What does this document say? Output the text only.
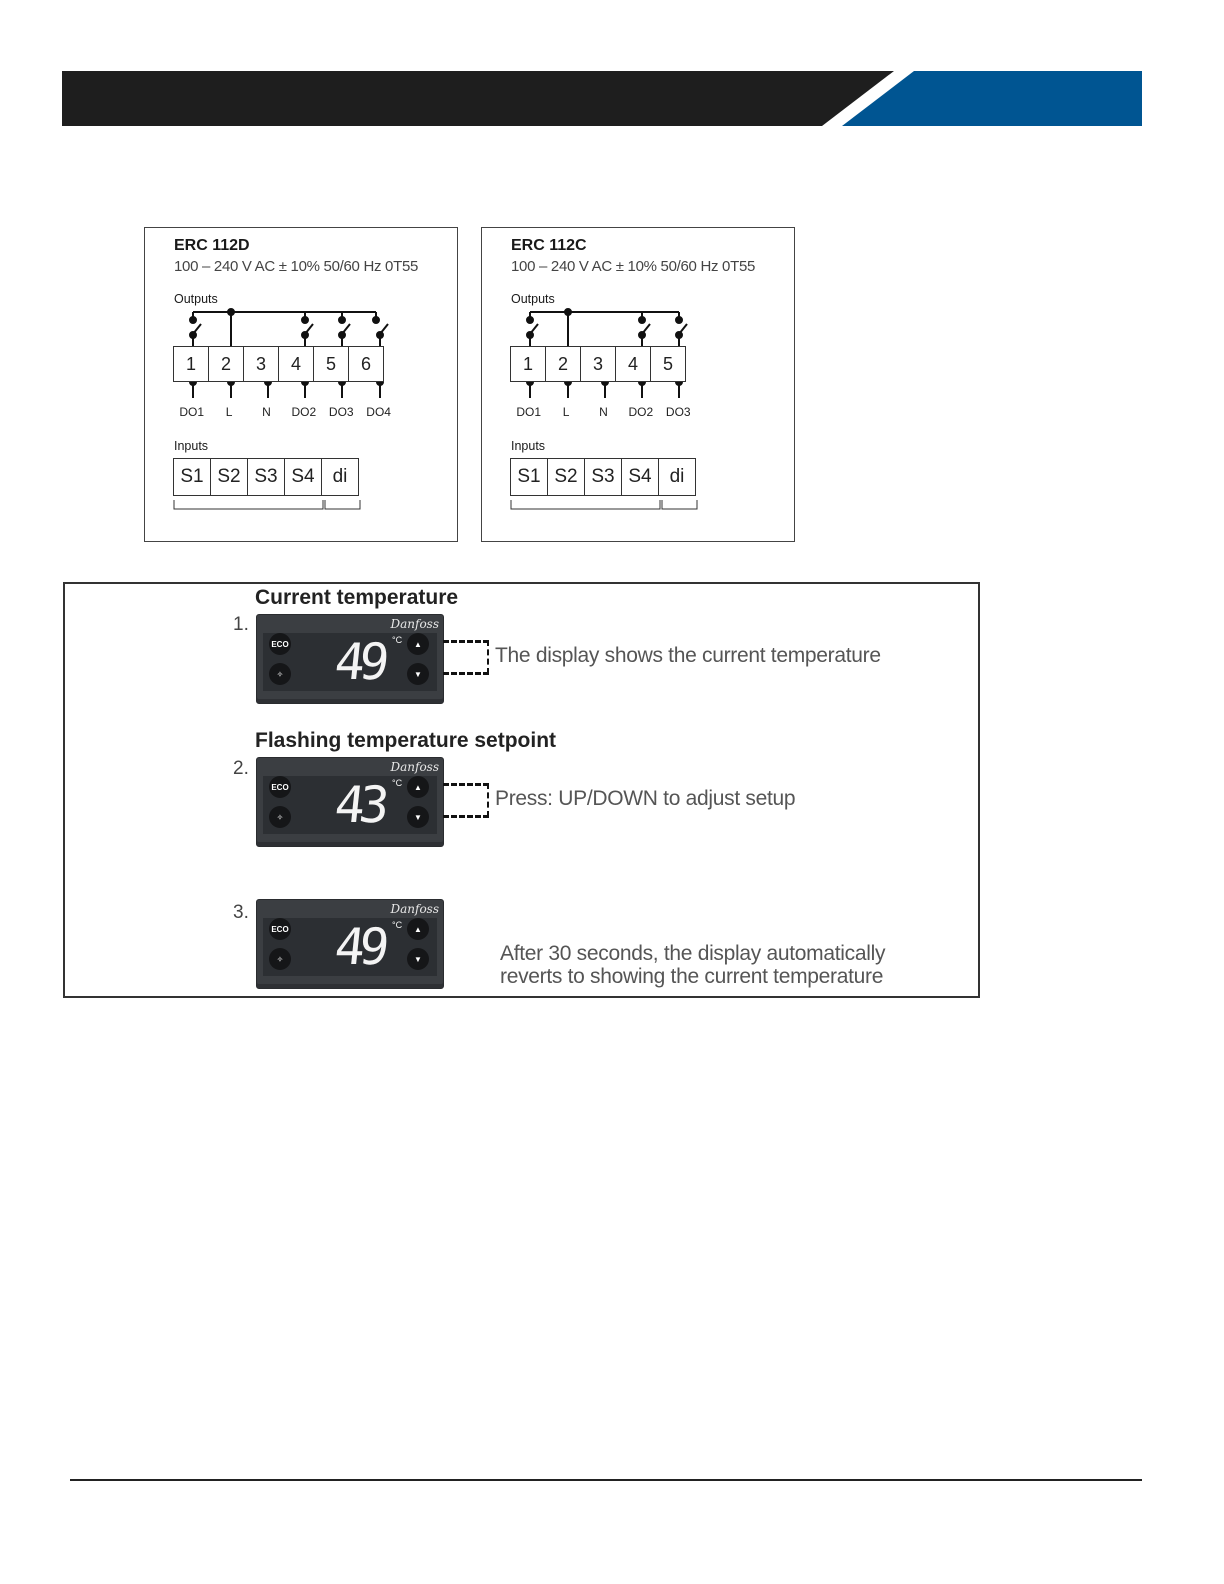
ERC 112D
100 – 240 V AC ± 10% 50/60 Hz 0T55
Outputs
1	2	3	4	5	6
DO1	L	N	DO2	DO3	DO4
Inputs
S1 S2 S3 S4 di
ERC 112C
100 – 240 V AC ± 10% 50/60 Hz 0T55
Outputs
1	2	3	4	5
DO1	L	N	DO2	DO3
Inputs
S1 S2 S3 S4 di
Current temperature
1.	Danfoss
ECO
✧ 49 °C	▲
▼
The display shows the current temperature
Flashing temperature setpoint
2.	Danfoss
ECO
✧ 43 °C	▲
▼
Press: UP/DOWN to adjust setup
3.	Danfoss
ECO
✧ 49 °C	▲
▼	After 30 seconds, the display automatically
reverts to showing the current temperature
